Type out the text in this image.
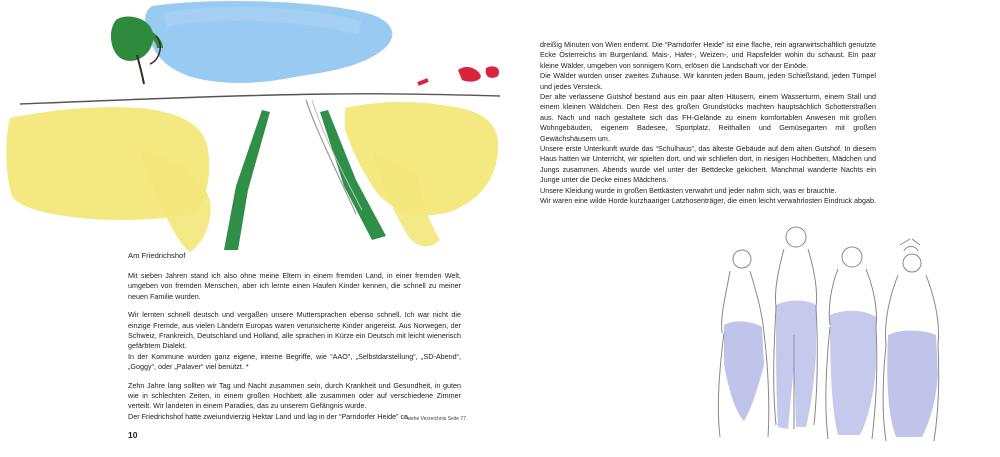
Am Friedrichshof

Mit sieben Jahren stand ich also ohne meine Eltern in einem fremden Land, in einer fremden Welt, umgeben von fremden Menschen, aber ich lernte einen Haufen Kinder kennen, die schnell zu meiner neuen Familie wurden.

Wir lernten schnell deutsch und vergaßen unsere Muttersprachen ebenso schnell. Ich war nicht die einzige Fremde, aus vielen Ländern Europas waren verunsicherte Kinder angereist. Aus Norwegen, der Schweiz, Frankreich, Deutschland und Holland, alle sprachen in Kürze ein Deutsch mit leicht wienerisch gefärbtem Dialekt.

In der Kommune wurden ganz eigene, interne Begriffe, wie “AAO”, „Selbstdarstellung“, „SD-Abend“, „Goggy“, oder „Palaver“ viel benutzt. *

Zehn Jahre lang sollten wir Tag und Nacht zusammen sein, durch Krankheit und Gesundheit, in guten wie in schlechten Zeiten, in einem großen Hochbett alle zusammen oder auf verschiedene Zimmer verteilt. Wir landeten in einem Paradies, das zu unserem Gefängnis wurde.

Der Friedrichshof hatte zweiundvierzig Hektar Land und lag in der “Parndorfer Heide” ca.

* siehe Verzeichnis Seite 77
10

dreißig Minuten von Wien entfernt. Die “Parndorfer Heide” ist eine flache, rein agrarwirtschaftlich genutzte Ecke Österreichs im Burgenland. Mais-, Hafer-, Weizen-, und Rapsfelder wohin du schaust. Ein paar kleine Wälder, umgeben von sonnigem Korn, erlösen die Landschaft vor der Einöde.

Die Wälder wurden unser zweites Zuhause. Wir kannten jeden Baum, jeden Schießstand, jeden Tümpel und jedes Versteck.

Der alte verlassene Gutshof bestand aus ein paar alten Häusern, einem Wasserturm, einem Stall und einem kleinen Wäldchen. Den Rest des großen Grundstücks machten hauptsächlich Schotterstraßen aus. Nach und nach gestaltete sich das FH-Gelände zu einem komfortablen Anwesen mit großen Wohngebäuden, eigenem Badesee, Sportplatz, Reithallen und Gemüsegarten mit großen Gewächshäusern um.

Unsere erste Unterkunft wurde das “Schulhaus”, das älteste Gebäude auf dem alten Gutshof. In diesem Haus hatten wir Unterricht, wir spielten dort, und wir schliefen dort, in riesigen Hochbetten, Mädchen und Jungs zusammen. Abends wurde viel unter der Bettdecke gekichert. Manchmal wanderte Nachts ein Junge unter die Decke eines Mädchens.

Unsere Kleidung wurde in großen Bettkästen verwahrt und jeder nahm sich, was er brauchte.

Wir waren eine wilde Horde kurzhaariger Latzhosenträger, die einen leicht verwahrlosten Eindruck abgab.
